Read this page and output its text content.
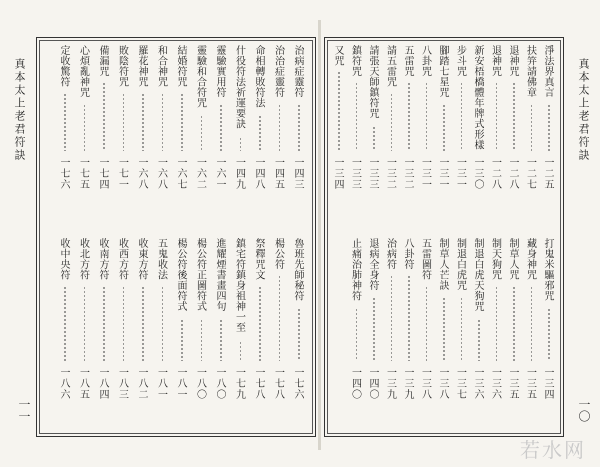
真本太上老君符訣	真本太上老君符訣
一一	一〇
淨法界真言
一二五
扶笄請佛章
一二七
退神咒
一二八
退神咒
一二八
新安梧橋體年牌式形樣
一三〇
步斗咒
一三一
腳踏七星咒
一三一
八卦咒
一三一
五雷咒
一三二
請五雷咒
一三二
請張天師鎮符咒
一三三
鎮符咒
一三三
又咒
一三四
打鬼米驅邪咒
一三四
藏身神咒
一三五
制草人咒
一三五
制天狗咒
一三六
制退白虎天狗咒
一三六
制退白虎咒
一三七
制草人芒訣
一三八
五雷圖符
一三八
八卦符
一三九
治病符
一三九
退病全身符
一四〇
止痛治肺神符
一四〇
治病症靈符
一四三
治治症靈符
一四五
命相轉敗符法
一四八
什役符法祈運要訣
一四九
靈驗實用符
一六一
靈驗和合符咒
一六二
結婚符咒
一六七
和合神咒
一六八
羅花神咒
一六八
敗陰符咒
一七一
備漏咒
一七四
心煩亂神咒
一七五
定收驚符
一七六
魯班先師秘符
一七六
楊公符
一七八
祭釋咒文
一七八
鎮宅符鎮身祖神一至
一七九
進耀煙書畫四句
一八〇
楊公符正圖符式
一八〇
楊公符後面符式
一八一
五鬼收法
一八一
收東方符
一八二
收西方符
一八三
收南方符
一八四
收北方符
一八五
收中央符
一八六
若水网
